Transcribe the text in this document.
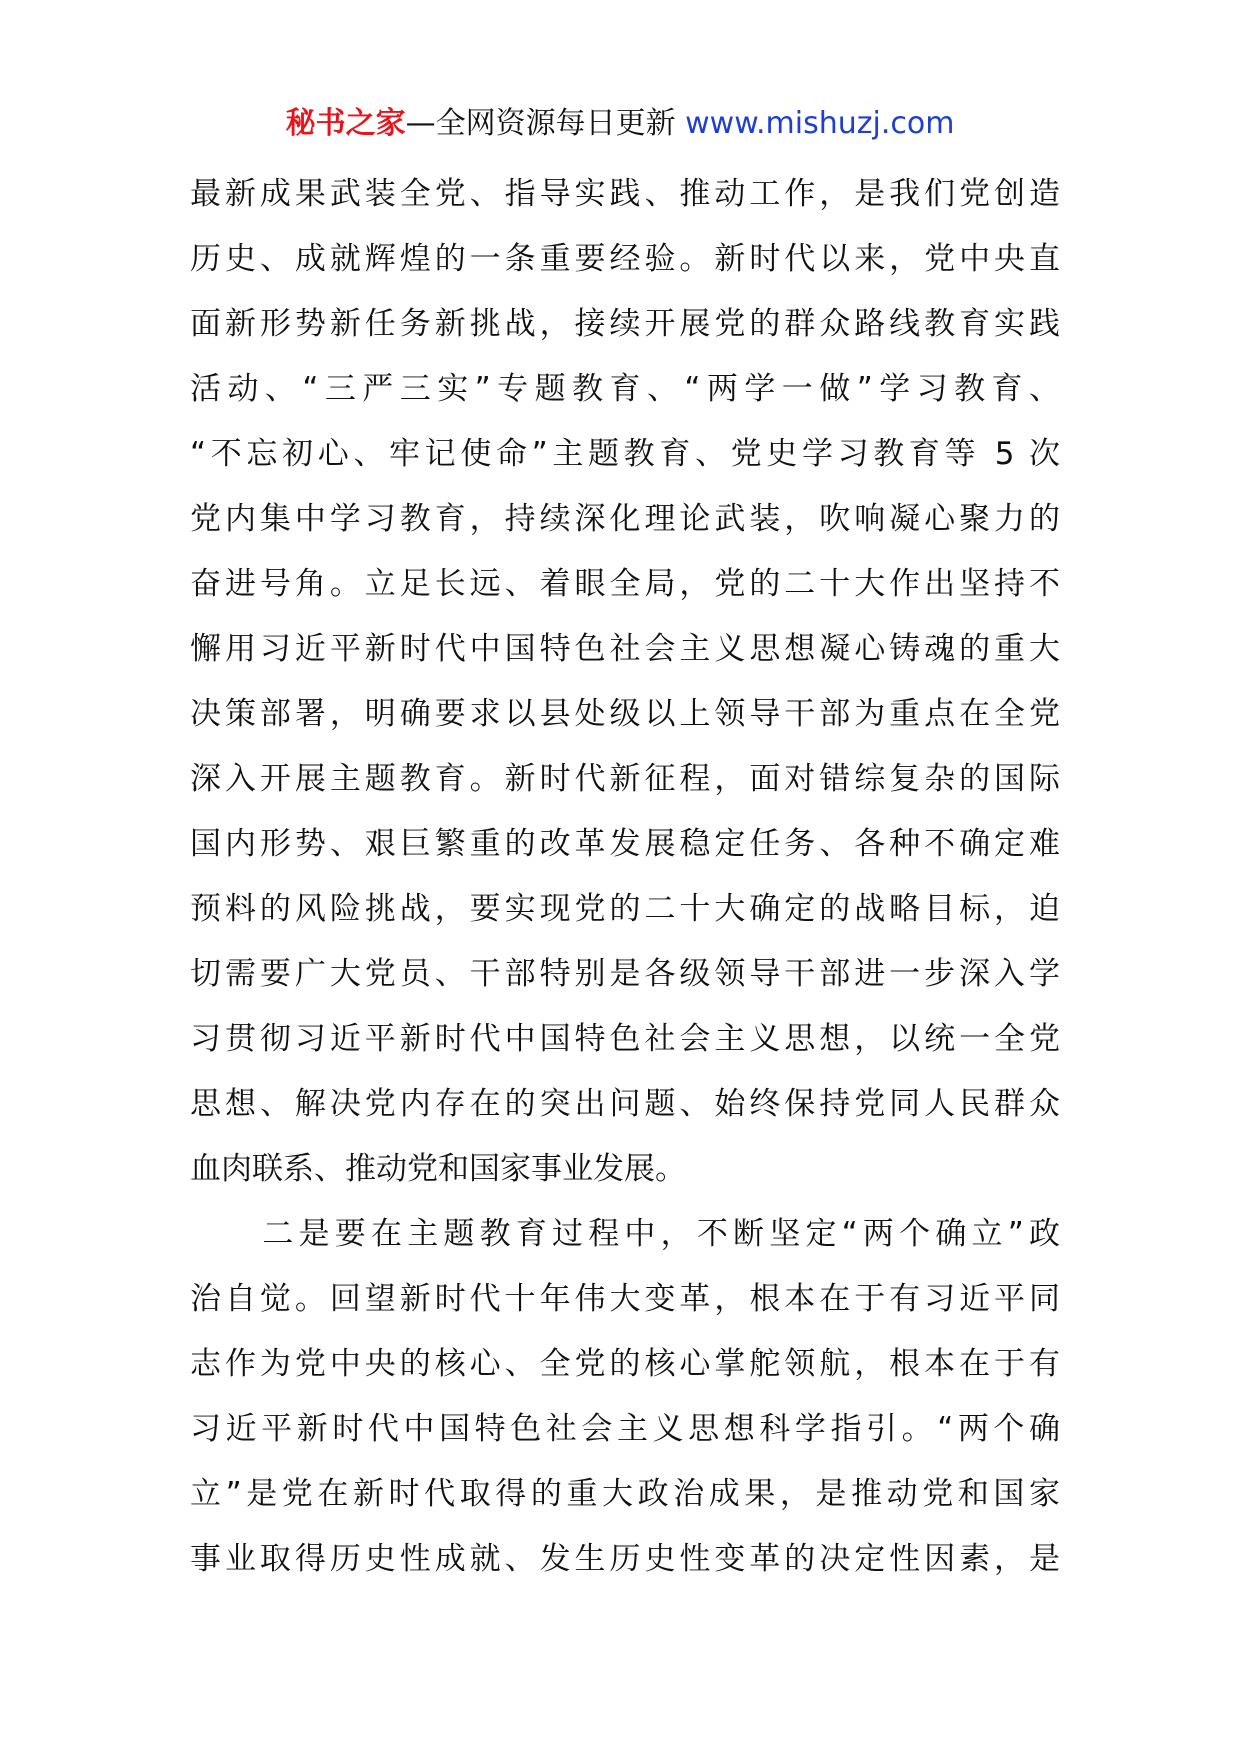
秘书之家—全网资源每日更新 www.mishuzj.com
最新成果武装全党、指导实践、推动工作，是我们党创造
历史、成就辉煌的一条重要经验。新时代以来，党中央直
面新形势新任务新挑战，接续开展党的群众路线教育实践
活动、“三严三实”专题教育、“两学一做”学习教育、
“不忘初心、牢记使命”主题教育、党史学习教育等 5 次
党内集中学习教育，持续深化理论武装，吹响凝心聚力的
奋进号角。立足长远、着眼全局，党的二十大作出坚持不
懈用习近平新时代中国特色社会主义思想凝心铸魂的重大
决策部署，明确要求以县处级以上领导干部为重点在全党
深入开展主题教育。新时代新征程，面对错综复杂的国际
国内形势、艰巨繁重的改革发展稳定任务、各种不确定难
预料的风险挑战，要实现党的二十大确定的战略目标，迫
切需要广大党员、干部特别是各级领导干部进一步深入学
习贯彻习近平新时代中国特色社会主义思想，以统一全党
思想、解决党内存在的突出问题、始终保持党同人民群众
血肉联系、推动党和国家事业发展。
　　二是要在主题教育过程中，不断坚定“两个确立”政
治自觉。回望新时代十年伟大变革，根本在于有习近平同
志作为党中央的核心、全党的核心掌舵领航，根本在于有
习近平新时代中国特色社会主义思想科学指引。“两个确
立”是党在新时代取得的重大政治成果，是推动党和国家
事业取得历史性成就、发生历史性变革的决定性因素，是
